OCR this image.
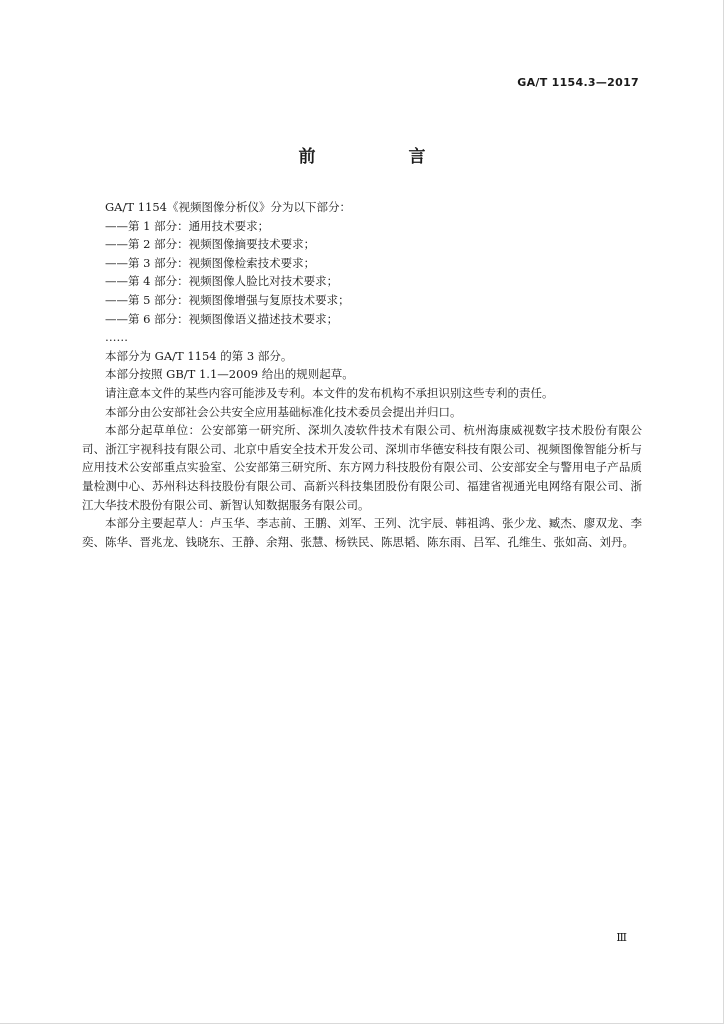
GA/T 1154.3—2017
前　言

GA/T 1154《视频图像分析仪》分为以下部分：

——第 1 部分：通用技术要求；

——第 2 部分：视频图像摘要技术要求；

——第 3 部分：视频图像检索技术要求；

——第 4 部分：视频图像人脸比对技术要求；

——第 5 部分：视频图像增强与复原技术要求；

——第 6 部分：视频图像语义描述技术要求；

……

本部分为 GA/T 1154 的第 3 部分。

本部分按照 GB/T 1.1—2009 给出的规则起草。

请注意本文件的某些内容可能涉及专利。本文件的发布机构不承担识别这些专利的责任。

本部分由公安部社会公共安全应用基础标准化技术委员会提出并归口。

本部分起草单位：公安部第一研究所、深圳久凌软件技术有限公司、杭州海康威视数字技术股份有限公司、浙江宇视科技有限公司、北京中盾安全技术开发公司、深圳市华德安科技有限公司、视频图像智能分析与应用技术公安部重点实验室、公安部第三研究所、东方网力科技股份有限公司、公安部安全与警用电子产品质量检测中心、苏州科达科技股份有限公司、高新兴科技集团股份有限公司、福建省视通光电网络有限公司、浙江大华技术股份有限公司、新智认知数据服务有限公司。

本部分主要起草人：卢玉华、李志前、王鹏、刘军、王列、沈宇辰、韩祖鸿、张少龙、臧杰、廖双龙、李奕、陈华、晋兆龙、钱晓东、王静、余翔、张慧、杨铁民、陈思韬、陈东雨、吕军、孔维生、张如高、刘丹。

Ⅲ
